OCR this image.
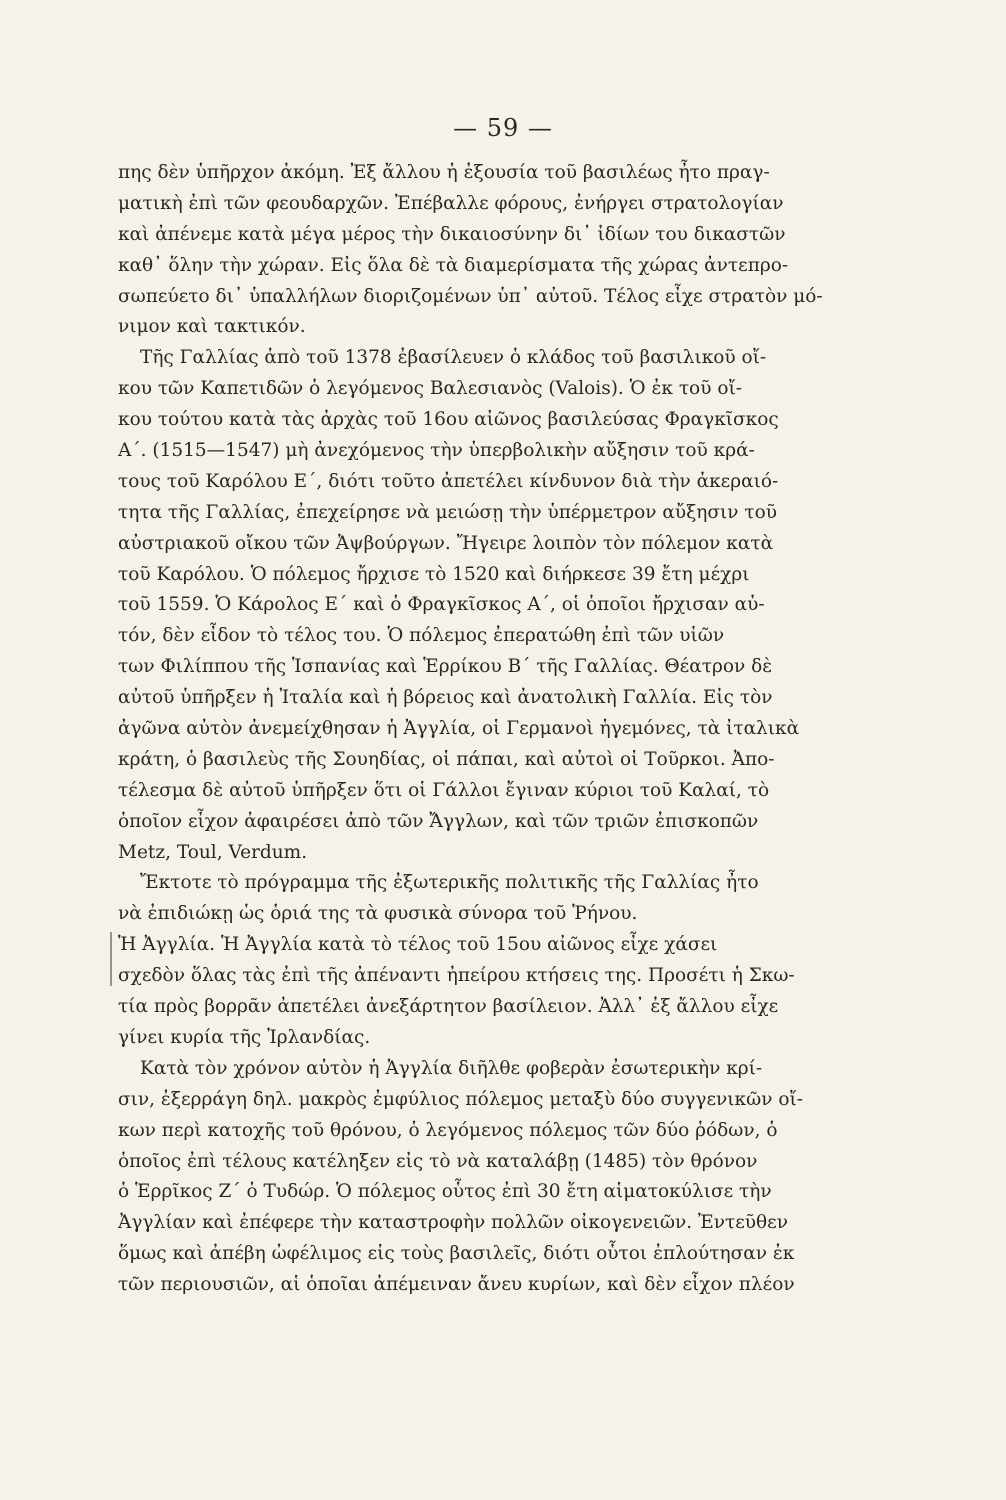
— 59 —
πης δὲν ὑπῆρχον ἀκόμη. Ἐξ ἄλλου ἡ ἐξουσία τοῦ βασιλέως ἦτο πραγ-
ματικὴ ἐπὶ τῶν φεουδαρχῶν. Ἐπέβαλλε φόρους, ἐνήργει στρατολογίαν
καὶ ἀπένεμε κατὰ μέγα μέρος τὴν δικαιοσύνην δι᾽ ἰδίων του δικαστῶν
καθ᾽ ὅλην τὴν χώραν. Εἰς ὅλα δὲ τὰ διαμερίσματα τῆς χώρας ἀντεπρο-
σωπεύετο δι᾽ ὑπαλλήλων διοριζομένων ὑπ᾽ αὐτοῦ. Τέλος εἶχε στρατὸν μό-
νιμον καὶ τακτικόν.
Τῆς Γαλλίας ἀπὸ τοῦ 1378 ἐβασίλευεν ὁ κλάδος τοῦ βασιλικοῦ οἴ-
κου τῶν Καπετιδῶν ὁ λεγόμενος Βαλεσιανὸς (Valois). Ὁ ἐκ τοῦ οἴ-
κου τούτου κατὰ τὰς ἀρχὰς τοῦ 16ου αἰῶνος βασιλεύσας Φραγκῖσκος
Α΄. (1515—1547) μὴ ἀνεχόμενος τὴν ὑπερβολικὴν αὔξησιν τοῦ κρά-
τους τοῦ Καρόλου Ε΄, διότι τοῦτο ἀπετέλει κίνδυνον διὰ τὴν ἀκεραιό-
τητα τῆς Γαλλίας, ἐπεχείρησε νὰ μειώσῃ τὴν ὑπέρμετρον αὔξησιν τοῦ
αὐστριακοῦ οἴκου τῶν Ἀψβούργων. Ἤγειρε λοιπὸν τὸν πόλεμον κατὰ
τοῦ Καρόλου. Ὁ πόλεμος ἤρχισε τὸ 1520 καὶ διήρκεσε 39 ἔτη μέχρι
τοῦ 1559. Ὁ Κάρολος Ε΄ καὶ ὁ Φραγκῖσκος Α΄, οἱ ὁποῖοι ἤρχισαν αὐ-
τόν, δὲν εἶδον τὸ τέλος του. Ὁ πόλεμος ἐπερατώθη ἐπὶ τῶν υἱῶν
των Φιλίππου τῆς Ἱσπανίας καὶ Ἑρρίκου Β΄ τῆς Γαλλίας. Θέατρον δὲ
αὐτοῦ ὑπῆρξεν ἡ Ἰταλία καὶ ἡ βόρειος καὶ ἀνατολικὴ Γαλλία. Εἰς τὸν
ἀγῶνα αὐτὸν ἀνεμείχθησαν ἡ Ἀγγλία, οἱ Γερμανοὶ ἡγεμόνες, τὰ ἰταλικὰ
κράτη, ὁ βασιλεὺς τῆς Σουηδίας, οἱ πάπαι, καὶ αὐτοὶ οἱ Τοῦρκοι. Ἀπο-
τέλεσμα δὲ αὐτοῦ ὑπῆρξεν ὅτι οἱ Γάλλοι ἔγιναν κύριοι τοῦ Καλαί, τὸ
ὁποῖον εἶχον ἀφαιρέσει ἀπὸ τῶν Ἄγγλων, καὶ τῶν τριῶν ἐπισκοπῶν
Metz, Toul, Verdum.
Ἔκτοτε τὸ πρόγραμμα τῆς ἐξωτερικῆς πολιτικῆς τῆς Γαλλίας ἦτο
νὰ ἐπιδιώκῃ ὡς ὁριά της τὰ φυσικὰ σύνορα τοῦ Ῥήνου.
Ἡ Ἀγγλία. Ἡ Ἀγγλία κατὰ τὸ τέλος τοῦ 15ου αἰῶνος εἶχε χάσει
σχεδὸν ὅλας τὰς ἐπὶ τῆς ἀπέναντι ἠπείρου κτήσεις της. Προσέτι ἡ Σκω-
τία πρὸς βορρᾶν ἀπετέλει ἀνεξάρτητον βασίλειον. Ἀλλ᾽ ἐξ ἄλλου εἶχε
γίνει κυρία τῆς Ἰρλανδίας.
Κατὰ τὸν χρόνον αὐτὸν ἡ Ἀγγλία διῆλθε φοβερὰν ἐσωτερικὴν κρί-
σιν, ἐξερράγη δηλ. μακρὸς ἐμφύλιος πόλεμος μεταξὺ δύο συγγενικῶν οἴ-
κων περὶ κατοχῆς τοῦ θρόνου, ὁ λεγόμενος πόλεμος τῶν δύο ῥόδων, ὁ
ὁποῖος ἐπὶ τέλους κατέληξεν εἰς τὸ νὰ καταλάβῃ (1485) τὸν θρόνον
ὁ Ἑρρῖκος Ζ΄ ὁ Τυδώρ. Ὁ πόλεμος οὗτος ἐπὶ 30 ἔτη αἱματοκύλισε τὴν
Ἀγγλίαν καὶ ἐπέφερε τὴν καταστροφὴν πολλῶν οἰκογενειῶν. Ἐντεῦθεν
ὅμως καὶ ἀπέβη ὠφέλιμος εἰς τοὺς βασιλεῖς, διότι οὗτοι ἐπλούτησαν ἐκ
τῶν περιουσιῶν, αἱ ὁποῖαι ἀπέμειναν ἄνευ κυρίων, καὶ δὲν εἶχον πλέον
